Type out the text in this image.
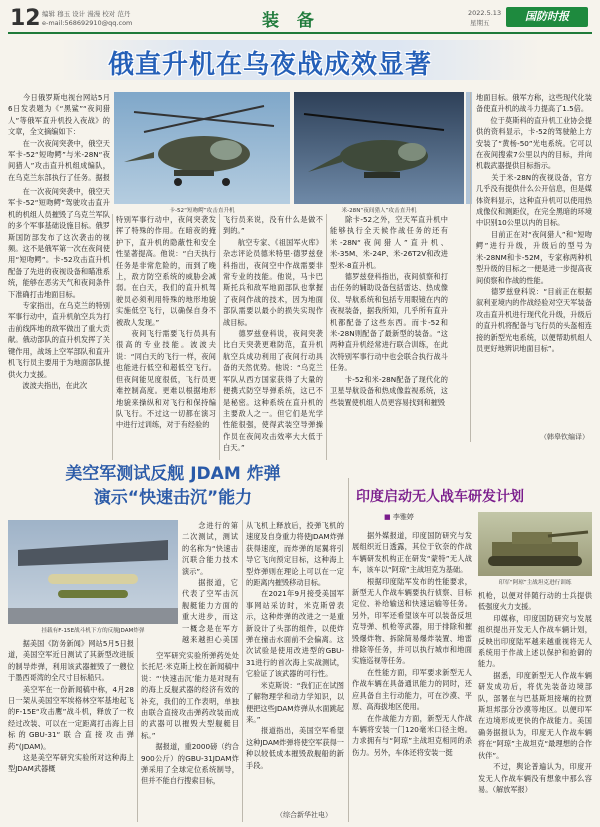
12 编辑 穆玉 设计 漫漫 校对 范丹
e-mail:568692910@qq.com	装 备	2022.5.13
星期五	国防时报
俄直升机在乌夜战成效显著
卡-52“短吻鳄”攻击直升机	米-28N“夜间猎人”攻击直升机
　　今日俄罗斯电视台网站5月6日发表题为《“黑鲨”“夜间猎人”等俄军直升机投入夜战》的文章，全文摘编如下：
　　在一次夜间突袭中，俄空天军卡-52“短吻鳄”与米-28N“夜间猎人”攻击直升机组成编队，在乌克兰东部执行了任务。据报
　　在一次夜间突袭中，俄空天军卡-52“短吻鳄”驾驶攻击直升机的机组人员摧毁了乌克兰军队的多个军事基础设施目标。俄罗斯国防部发布了这次袭击的视频。这不是俄军第一次在夜间使用“短吻鳄”。卡-52攻击直升机配备了先进的夜视设备和瞄准系统，能够在恶劣天气和夜间条件下准确打击地面目标。
　　专家指出，在乌克兰的特别军事行动中，直升机航空兵为打击前线阵地的敌军做出了重大贡献。俄动部队的直升机发挥了关键作用，战场上空军部队和直升机飞行员主要用于为地面部队提供火力支援。
　　波波夫指出，在此次
特别军事行动中，夜间突袭发挥了特殊的作用。在暗夜的掩护下，直升机的隐蔽性和安全性显著提高。他说：“白天执行任务是非常危险的，而到了晚上，敌方防空系统的威胁会减弱。在白天，我们的直升机驾驶员必须利用特殊的地形地貌实施低空飞行，以确保自身不被敌人发现。”
　　夜间飞行需要飞行员具有很高的专业技能。波波夫说：“同白天的飞行一样，夜间也能进行低空和超低空飞行。但夜间能见度很低，飞行员更难控制高度。更难以根据地形地貌来操纵和对飞行和保持编队飞行。不过这一切都在演习中进行过训练，对于有经验的
飞行员来说，没有什么是做不到的。”
　　航空专家、《祖国军火库》杂志评论员德米特里·德罗兹登科指出，夜间空中作战需要非常专业的技能。他说，马卡巴斯托兵和敌军地面部队也掌握了夜间作战的技术，因为地面部队需要以最小的损失实现作战目标。
　　德罗兹登科说，夜间突袭比白天突袭更难防范，直升机航空兵成功利用了夜间行动具备的天然优势。他说：“乌克兰军队从西方国家获得了大量的便携式防空导弹系统，这已不是秘密。这种系统在直升机的主要敌人之一。但它们是光学性能很强，使得武装空导弹操作员在夜间攻击效率大大低于白天。”
　　除卡-52之外，空天军直升机中能够执行全天候作战任务的还有米-28N“夜间猎人”直升机、米-35M、米-24P、米-26T2V和改进型米-8直升机。
　　德罗兹登科指出，夜间侦察和打击任务的辅助设备包括雷达、热成像仪、导航系统和包括专用眼镜在内的夜视装备，据我所知，几乎所有直升机都配备了这些东西。而卡-52和米-28N则配备了最新型的装备。“这两种直升机经常进行联合训练，在此次特别军事行动中也会联合执行战斗任务。
　　卡-52和米-28N配备了现代化的卫星导航设备和热成像监视系统，这些装置使机组人员更容易找到和摧毁
地面目标。俄军方称，这些现代化装备使直升机的战斗力提高了1.5倍。
　　位于莫斯科的直升机工业协会提供的资料显示，卡-52的驾驶舱上方安装了“黄杨-50”光电系统。它可以在夜间搜索7公里以内的目标，并向机载武器提供目标指示。
　　关于米-28N的夜视设备，官方几乎没有提供什么公开信息，但是媒体资料显示，这种直升机可以使用热成像仪和测距仪，在完全黑暗的环境中识别10公里以内的目标。
　　目前正在对“夜间猎人”和“短吻鳄”进行升级，升级后的型号为米-28NM和卡-52M，专家称两种机型升级的目标之一便是进一步提高夜间侦察和作战的性能。
　　德罗兹登科说：“目前正在根据叙利亚境内的作战经验对空天军装备攻击直升机进行现代化升级，升级后的直升机将配备与飞行员的头盔相连接的新型光电系统，以便帮助机组人员更好地辨识地面目标”。
（韩皋钦编译）
美空军测试反舰 JDAM 炸弹
演示“快速击沉”能力
挂载有F-15E战斗机下方的反舰JDAM炸弹
　　念进行的第二次测试，测试的名称为“快速击沉联合能力技术演示”。
　　据报道，它代表了空军击沉舰艇能力方面的重大进步，而这一概念是在军方越来越担心美国
　　据美国《防务新闻》网站5月5日报道，美国空军近日测试了其新型改进版的制导炸弹，利用该武器摧毁了一艘位于墨西哥湾的全尺寸目标船只。
　　美空军在一份新闻稿中称，4月28日一架从美国空军埃格林空军基地起飞的F-15E“攻击鹰”战斗机，释放了一枚经过改装、可以在一定距离打击海上目标的GBU-31“联合直接攻击弹药”(JDAM)。
　　这是美空军研究实验所对这种海上型JDAM武器概
　　空军研究实验所弹药处处长托尼·米克斯上校在新闻稿中说：“‘快速击沉’能力是对现有的海上反舰武器的经济有效的补充，我们的工作表明，单独由联合直接攻击弹药改装而成的武器可以摧毁大型舰艇目标。”
　　据报道，重2000磅（约合900公斤）的GBU-31JDAM炸弹采用了全球定位系统制导，但并不能自行搜索目标，
从飞机上释放后，投弹飞机的速度及自身重力将使JDAM炸弹获得速度，而炸弹的尾翼将引导它飞向预定目标，这种海上型炸弹则在理论上可以在一定的距离内摧毁移动目标。
　　在2021年9月接受美国军事网站采访时，米克斯曾表示，这种炸弹的改进之一是重新设计了头部的组件，以使炸弹在撞击水面前不会偏离。这次试验是使用改进型的GBU-31进行的首次海上实战测试，它验证了该武器的可行性。
　　米克斯说：“我们正在试图了解物理学和动力学知识，以便把这些JDAM炸弹从水面跳起来。”
　　报道指出，美国空军希望这种JDAM炸弹将使空军获得一种以较低成本摧毁敌舰船的新手段。
（综合新华社电）
印度启动无人战车研发计划
■ 李雅婷
　　据外媒报道，印度国防研究与发展组织近日透露，其位于钦奈的作战车辆研发机构正在研发“蒙特”无人战车，该车以“阿琼”主战坦克为基础。
　　根据印度陆军发布的性能要求，新型无人作战车辆要执行侦察、目标定位、补给输送和快速运输等任务。另外，印军还希望该车可以装备反坦克导弹、机枪等武器，用于排除和摧毁爆炸物、拆除简易爆炸装置、地雷排除等任务，并可以执行城市和地面实施巡视等任务。
　　在性能方面，印军要求新型无人作战车辆在具备通讯能力的同时，还应具备自主行动能力，可在沙漠、平原、高海拔地区使用。
　　在作战能力方面，新型无人作战车辆将安装一门120毫米口径主炮。力求拥有与“阿琼”主战坦克相同的杀伤力。另外，车体还将安装一挺
印军“阿琼”主战坦克进行训练
机枪，以便对伴随行动的士兵提供低强度火力支援。
　　印媒称，印度国防研究与发展组织提出开发无人作战车辆计划，反映出印度陆军越来越重视将无人系统用于作战上述以保护和抢御的能力。
　　据悉，印度新型无人作战车辆研发成功后，将优先装备边境部队，部署在与巴基斯坦接壤的拉贾斯坦邦部分沙漠等地区。以便印军在边境形成更快的作战能力。美国确务据报认为，印度无人作战车辆将在“阿琼”主战坦克“最理想的合作伙伴”。
　　不过，舆论普遍认为，印度开发无人作战车辆没有想象中那么容易。（解放军报）
